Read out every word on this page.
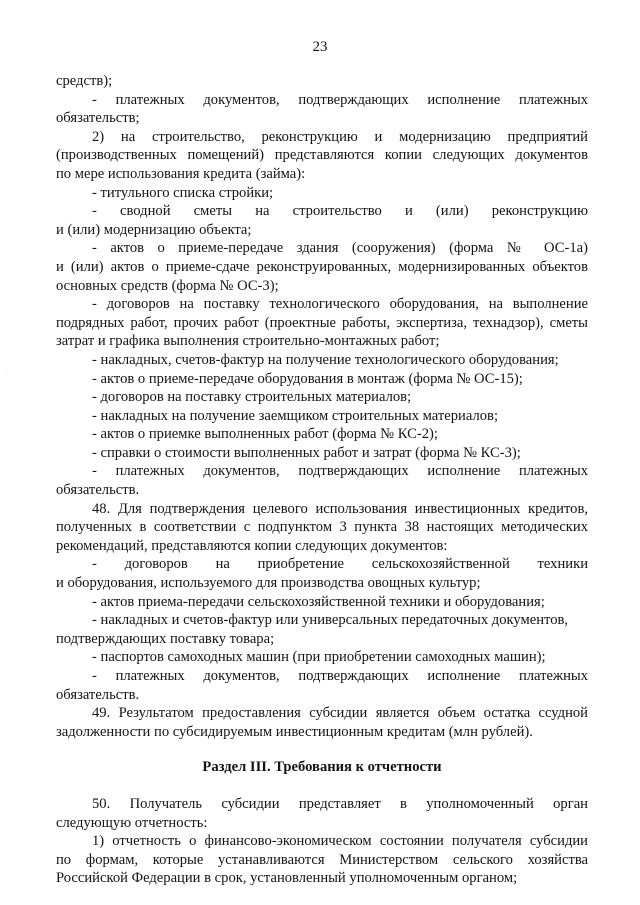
23
средств);
- платежных документов, подтверждающих исполнение платежных
обязательств;
2) на строительство, реконструкцию и модернизацию предприятий
(производственных помещений) представляются копии следующих документов
по мере использования кредита (займа):
- титульного списка стройки;
- сводной сметы на строительство и (или) реконструкцию
и (или) модернизацию объекта;
- актов о приеме-передаче здания (сооружения) (форма № ОС-1а)
и (или) актов о приеме-сдаче реконструированных, модернизированных объектов
основных средств (форма № ОС-3);
- договоров на поставку технологического оборудования, на выполнение
подрядных работ, прочих работ (проектные работы, экспертиза, технадзор), сметы
затрат и графика выполнения строительно-монтажных работ;
- накладных, счетов-фактур на получение технологического оборудования;
- актов о приеме-передаче оборудования в монтаж (форма № ОС-15);
- договоров на поставку строительных материалов;
- накладных на получение заемщиком строительных материалов;
- актов о приемке выполненных работ (форма № КС-2);
- справки о стоимости выполненных работ и затрат (форма № КС-3);
- платежных документов, подтверждающих исполнение платежных
обязательств.
48. Для подтверждения целевого использования инвестиционных кредитов,
полученных в соответствии с подпунктом 3 пункта 38 настоящих методических
рекомендаций, представляются копии следующих документов:
- договоров на приобретение сельскохозяйственной техники
и оборудования, используемого для производства овощных культур;
- актов приема-передачи сельскохозяйственной техники и оборудования;
- накладных и счетов-фактур или универсальных передаточных документов,
подтверждающих поставку товара;
- паспортов самоходных машин (при приобретении самоходных машин);
- платежных документов, подтверждающих исполнение платежных
обязательств.
49. Результатом предоставления субсидии является объем остатка ссудной
задолженности по субсидируемым инвестиционным кредитам (млн рублей).
Раздел III. Требования к отчетности
50. Получатель субсидии представляет в уполномоченный орган
следующую отчетность:
1) отчетность о финансово-экономическом состоянии получателя субсидии
по формам, которые устанавливаются Министерством сельского хозяйства
Российской Федерации в срок, установленный уполномоченным органом;
